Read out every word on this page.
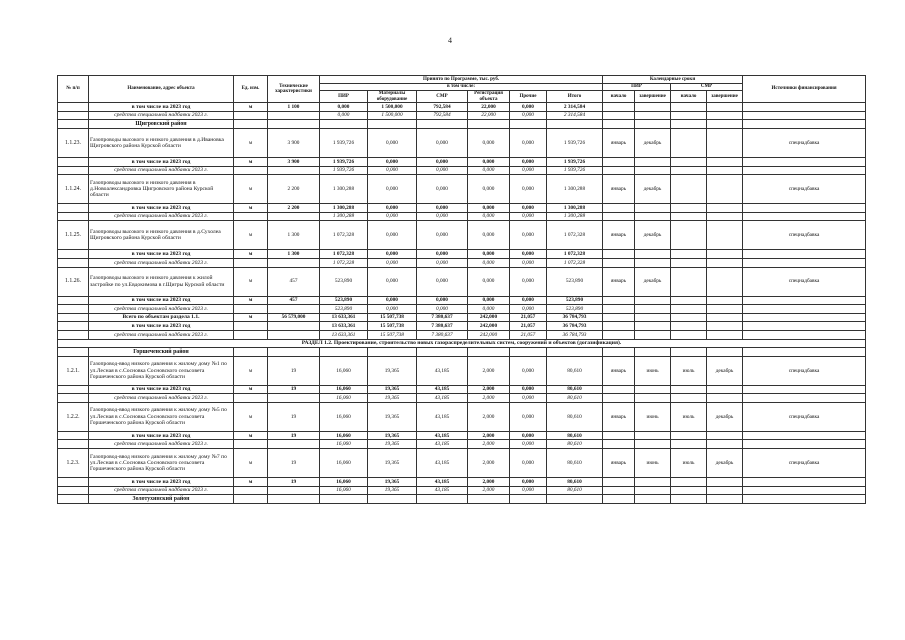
4
№ п/п	Наименование, адрес объекта	Ед. изм.	Технические характеристики	Принято по Программе, тыс. руб.						Календарные сроки				Источники финансирования
				в том числе:						ПИР		СМР		
				ПИР	Материалы оборудование	СМР	Регистрация объекта	Прочие	Итого	начало	завершение	начало	завершение	
	в том числе на 2023 год	м	1 100	0,000	1 500,000	792,584	22,000	0,000	2 314,584					
	средства специальной надбавки 2023 г.			0,000	1 500,000	792,584	22,000	0,000	2 314,584					
	Щигровский район													
1.1.23.	Газопроводы высокого и низкого давления в д.Ивановка Щигровского района Курской области	м	3 900	1 939,726	0,000	0,000	0,000	0,000	1 939,726	январь	декабрь			спецнадбавка
	в том числе на 2023 год	м	3 900	1 939,726	0,000	0,000	0,000	0,000	1 939,726					
	средства специальной надбавки 2023 г.			1 939,726	0,000	0,000	0,000	0,000	1 939,726					
1.1.24.	Газопроводы высокого и низкого давления в д.Новоалександровка Щигровского района Курской области	м	2 200	1 300,288	0,000	0,000	0,000	0,000	1 300,288	январь	декабрь			спецнадбавка
	в том числе на 2023 год	м	2 200	1 300,288	0,000	0,000	0,000	0,000	1 300,288					
	средства специальной надбавки 2023 г.			1 300,288	0,000	0,000	0,000	0,000	1 300,288					
1.1.25.	Газопроводы высокого и низкого давления в д.Сухолеа Щигровского района Курской области	м	1 300	1 072,328	0,000	0,000	0,000	0,000	1 072,328	январь	декабрь			спецнадбавка
	в том числе на 2023 год	м	1 300	1 072,328	0,000	0,000	0,000	0,000	1 072,328					
	средства специальной надбавки 2023 г.			1 072,328	0,000	0,000	0,000	0,000	1 072,328					
1.1.26.	Газопроводы высокого и низкого давления к жилой застройке по ул.Евдокимова в г.Щигры Курской области	м	457	523,890	0,000	0,000	0,000	0,000	523,890	январь	декабрь			спецнадбавка
	в том числе на 2023 год	м	457	523,890	0,000	0,000	0,000	0,000	523,890					
	средства специальной надбавки 2023 г.			523,890	0,000	0,000	0,000	0,000	523,890					
	Всего по объектам раздела 1.1.	м	56 579,000	13 633,361	15 507,738	7 380,637	242,000	21,057	36 784,793					
	в том числе на 2023 год			13 633,361	15 507,738	7 380,637	242,000	21,057	36 784,793					
	средства специальной надбавки 2023 г.			13 633,361	15 507,738	7 380,637	242,000	21,057	36 784,793					
РАЗДЕЛ 1.2. Проектирование, строительство новых газораспределительных систем, сооружений и объектов (догазификация).														
	Горшеченский район													
1.2.1.	Газопровод-ввод низкого давления к жилому дому №1 по ул.Лесная в с.Сосновка Сосновского сельсовета Горшеченского района Курской области	м	19	16,060	19,365	43,185	2,000	0,000	80,610	январь	июнь	июль	декабрь	спецнадбавка
	в том числе на 2023 год	м	19	16,060	19,365	43,185	2,000	0,000	80,610					
	средства специальной надбавки 2023 г.			16,060	19,365	43,185	2,000	0,000	80,610					
1.2.2.	Газопровод-ввод низкого давления к жилому дому №5 по ул.Лесная в с.Сосновка Сосновского сельсовета Горшеченского района Курской области	м	19	16,060	19,365	43,185	2,000	0,000	80,610	январь	июнь	июль	декабрь	спецнадбавка
	в том числе на 2023 год	м	19	16,060	19,365	43,185	2,000	0,000	80,610					
	средства специальной надбавки 2023 г.			16,060	19,365	43,185	2,000	0,000	80,610					
1.2.3.	Газопровод-ввод низкого давления к жилому дому №7 по ул.Лесная в с.Сосновка Сосновского сельсовета Горшеченского района Курской области	м	19	16,060	19,365	43,185	2,000	0,000	80,610	январь	июнь	июль	декабрь	спецнадбавка
	в том числе на 2023 год	м	19	16,060	19,365	43,185	2,000	0,000	80,610					
	средства специальной надбавки 2023 г.			16,060	19,365	43,185	2,000	0,000	80,610					
	Золотухинский район													
